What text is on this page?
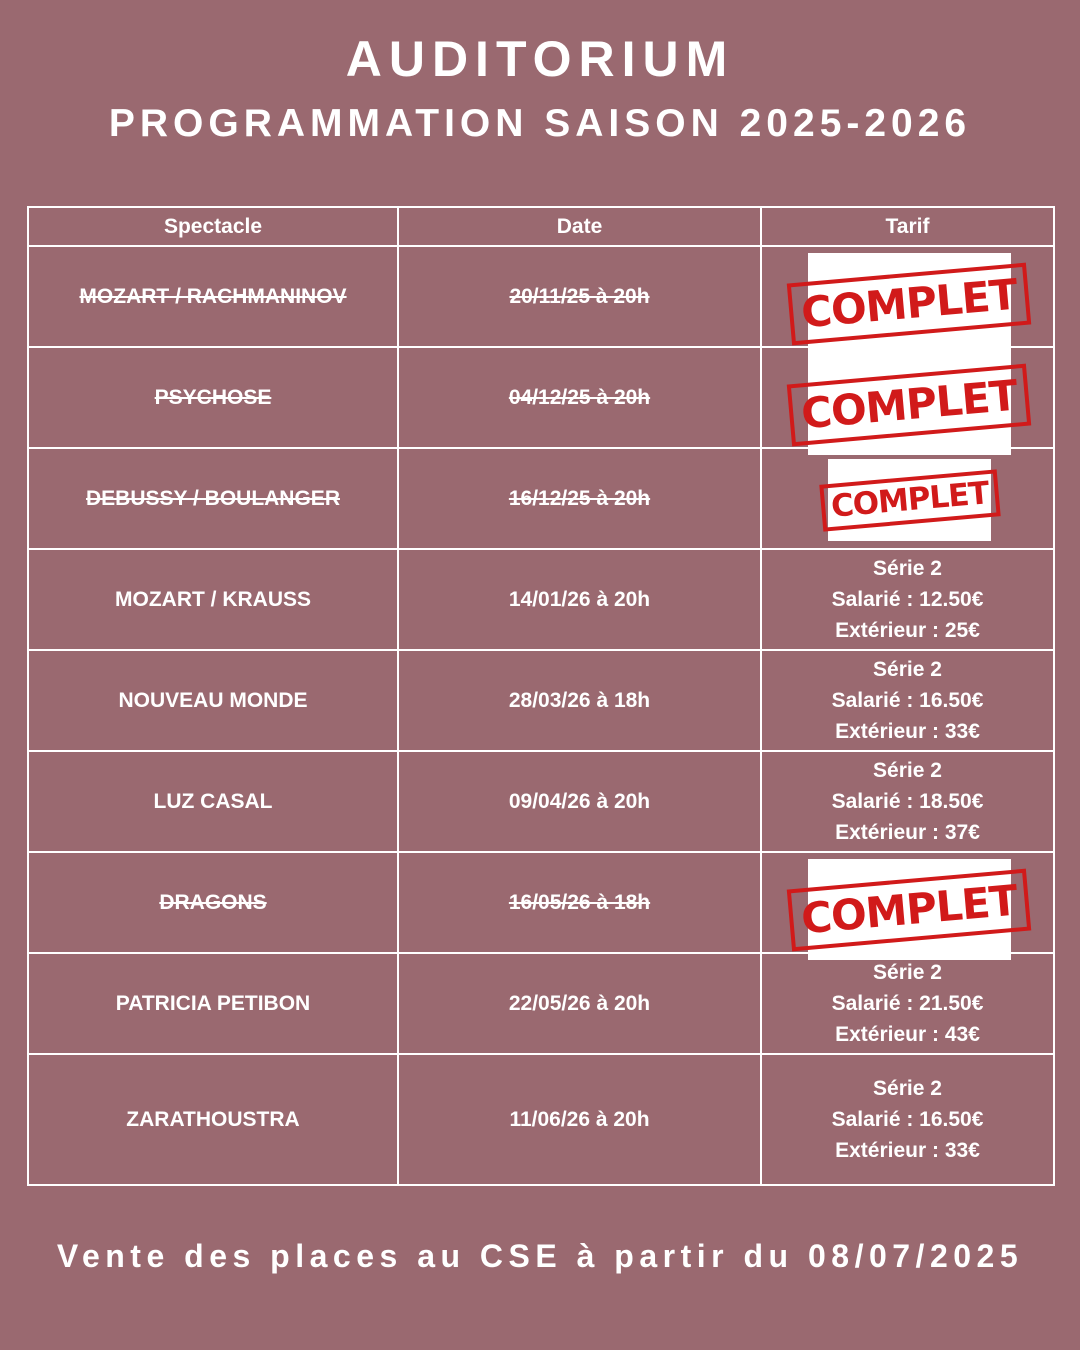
AUDITORIUM
PROGRAMMATION SAISON 2025-2026
Spectacle	Date	Tarif
MOZART / RACHMANINOV	20/11/25 à 20h	COMPLET

PSYCHOSE	04/12/25 à 20h	COMPLET

DEBUSSY / BOULANGER	16/12/25 à 20h	COMPLET

MOZART / KRAUSS	14/01/26 à 20h	Série 2
Salarié : 12.50€
Extérieur : 25€

NOUVEAU MONDE	28/03/26 à 18h	Série 2
Salarié : 16.50€
Extérieur : 33€

LUZ CASAL	09/04/26 à 20h	Série 2
Salarié : 18.50€
Extérieur : 37€

DRAGONS	16/05/26 à 18h	COMPLET

PATRICIA PETIBON	22/05/26 à 20h	Série 2
Salarié : 21.50€
Extérieur : 43€

ZARATHOUSTRA	11/06/26 à 20h	Série 2
Salarié : 16.50€
Extérieur : 33€

Vente des places au CSE à partir du 08/07/2025
